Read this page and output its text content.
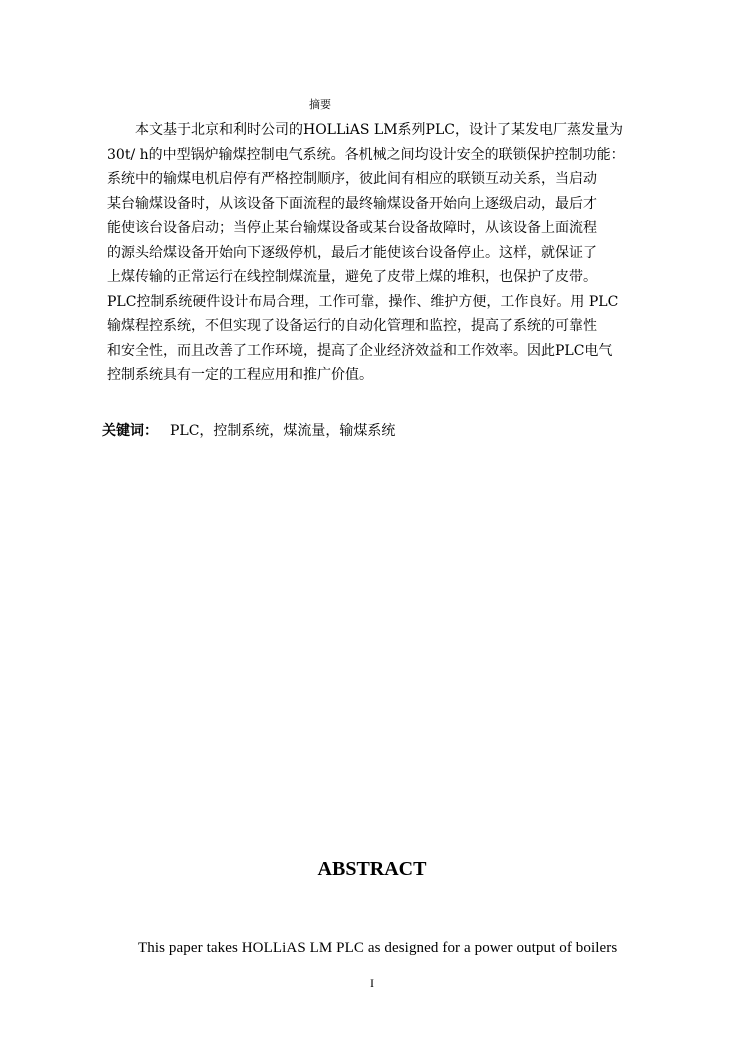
摘要
本文基于北京和利时公司的HOLLiAS LM系列PLC，设计了某发电厂蒸发量为
30t/ h的中型锅炉输煤控制电气系统。各机械之间均设计安全的联锁保护控制功能：
系统中的输煤电机启停有严格控制顺序，彼此间有相应的联锁互动关系，当启动
某台输煤设备时，从该设备下面流程的最终输煤设备开始向上逐级启动，最后才
能使该台设备启动；当停止某台输煤设备或某台设备故障时，从该设备上面流程
的源头给煤设备开始向下逐级停机，最后才能使该台设备停止。这样，就保证了
上煤传输的正常运行在线控制煤流量，避免了皮带上煤的堆积，也保护了皮带。
PLC控制系统硬件设计布局合理，工作可靠，操作、维护方便，工作良好。用 PLC
输煤程控系统，不但实现了设备运行的自动化管理和监控，提高了系统的可靠性
和安全性，而且改善了工作环境，提高了企业经济效益和工作效率。因此PLC电气
控制系统具有一定的工程应用和推广价值。
关键词： PLC，控制系统，煤流量，输煤系统
ABSTRACT
This paper takes HOLLiAS LM PLC as designed for a power output of boilers
I
